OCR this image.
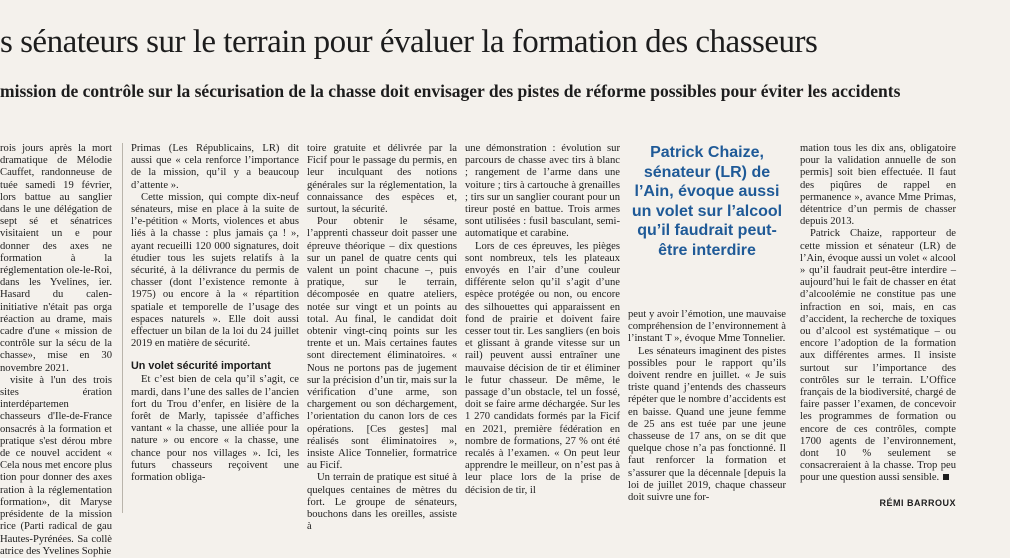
s sénateurs sur le terrain pour évaluer la formation des chasseurs
mission de contrôle sur la sécurisation de la chasse doit envisager des pistes de réforme possibles pour éviter les accidents

rois jours après la mort dramatique de Mélodie Cauffet, randonneuse de tuée samedi 19 février, lors battue au sanglier dans le une délégation de sept sé et sénatrices visitaient un e pour donner des axes ne formation à la réglementation ole-le-Roi, dans les Yvelines, ier. Hasard du calen- initiative n'était pas orga réaction au drame, mais cadre d'une « mission de contrôle sur la sécu de la chasse», mise en 30 novembre 2021.

visite à l'un des trois sites ération interdépartemen chasseurs d'Ile-de-France onsacrés à la formation et pratique s'est dérou mbre de ce nouvel accident « Cela nous met encore plus tion pour donner des axes ration à la réglementation formation», dit Maryse présidente de la mission rice (Parti radical de gau Hautes-Pyrénées. Sa collè atrice des Yvelines Sophie

Primas (Les Républicains, LR) dit aussi que « cela renforce l’importance de la mission, qu’il y a beaucoup d’attente ».

Cette mission, qui compte dix-neuf sénateurs, mise en place à la suite de l’e-pétition « Morts, violences et abus liés à la chasse : plus jamais ça ! », ayant recueilli 120 000 signatures, doit étudier tous les sujets relatifs à la sécurité, à la délivrance du permis de chasser (dont l’existence remonte à 1975) ou encore à la « répartition spatiale et temporelle de l’usage des espaces naturels ». Elle doit aussi effectuer un bilan de la loi du 24 juillet 2019 en matière de sécurité.

Un volet sécurité important

Et c’est bien de cela qu’il s’agit, ce mardi, dans l’une des salles de l’ancien fort du Trou d’enfer, en lisière de la forêt de Marly, tapissée d’affiches vantant « la chasse, une alliée pour la nature » ou encore « la chasse, une chance pour nos villages ». Ici, les futurs chasseurs reçoivent une formation obliga-

toire gratuite et délivrée par la Ficif pour le passage du permis, en leur inculquant des notions générales sur la réglementation, la connaissance des espèces et, surtout, la sécurité.

Pour obtenir le sésame, l’apprenti chasseur doit passer une épreuve théorique – dix questions sur un panel de quatre cents qui valent un point chacune –, puis pratique, sur le terrain, décomposée en quatre ateliers, notée sur vingt et un points au total. Au final, le candidat doit obtenir vingt-cinq points sur les trente et un. Mais certaines fautes sont directement éliminatoires. « Nous ne portons pas de jugement sur la précision d’un tir, mais sur la vérification d’une arme, son chargement ou son déchargement, l’orientation du canon lors de ces opérations. [Ces gestes] mal réalisés sont éliminatoires », insiste Alice Tonnelier, formatrice au Ficif.

Un terrain de pratique est situé à quelques centaines de mètres du fort. Le groupe de sénateurs, bouchons dans les oreilles, assiste à

une démonstration : évolution sur parcours de chasse avec tirs à blanc ; rangement de l’arme dans une voiture ; tirs à cartouche à grenailles ; tirs sur un sanglier courant pour un tireur posté en battue. Trois armes sont utilisées : fusil basculant, semi-automatique et carabine.

Lors de ces épreuves, les pièges sont nombreux, tels les plateaux envoyés en l’air d’une couleur différente selon qu’il s’agit d’une espèce protégée ou non, ou encore des silhouettes qui apparaissent en fond de prairie et doivent faire cesser tout tir. Les sangliers (en bois et glissant à grande vitesse sur un rail) peuvent aussi entraîner une mauvaise décision de tir et éliminer le futur chasseur. De même, le passage d’un obstacle, tel un fossé, doit se faire arme déchargée. Sur les 1 270 candidats formés par la Ficif en 2021, première fédération en nombre de formations, 27 % ont été recalés à l’examen. « On peut leur apprendre le meilleur, on n’est pas à leur place lors de la prise de décision de tir, il

Patrick Chaize, sénateur (LR) de l’Ain, évoque aussi un volet sur l’alcool qu’il faudrait peut-être interdire

peut y avoir l’émotion, une mauvaise compréhension de l’environnement à l’instant T », évoque Mme Tonnelier.

Les sénateurs imaginent des pistes possibles pour le rapport qu’ils doivent rendre en juillet. « Je suis triste quand j’entends des chasseurs répéter que le nombre d’accidents est en baisse. Quand une jeune femme de 25 ans est tuée par une jeune chasseuse de 17 ans, on se dit que quelque chose n’a pas fonctionné. Il faut renforcer la formation et s’assurer que la décennale [depuis la loi de juillet 2019, chaque chasseur doit suivre une for-

mation tous les dix ans, obligatoire pour la validation annuelle de son permis] soit bien effectuée. Il faut des piqûres de rappel en permanence », avance Mme Primas, détentrice d’un permis de chasser depuis 2013.

Patrick Chaize, rapporteur de cette mission et sénateur (LR) de l’Ain, évoque aussi un volet « alcool » qu’il faudrait peut-être interdire – aujourd’hui le fait de chasser en état d’alcoolémie ne constitue pas une infraction en soi, mais, en cas d’accident, la recherche de toxiques ou d’alcool est systématique – ou encore l’adoption de la formation aux différentes armes. Il insiste surtout sur l’importance des contrôles sur le terrain. L’Office français de la biodiversité, chargé de faire passer l’examen, de concevoir les programmes de formation ou encore de ces contrôles, compte 1700 agents de l’environnement, dont 10 % seulement se consacreraient à la chasse. Trop peu pour une question aussi sensible.

RÉMI BARROUX
